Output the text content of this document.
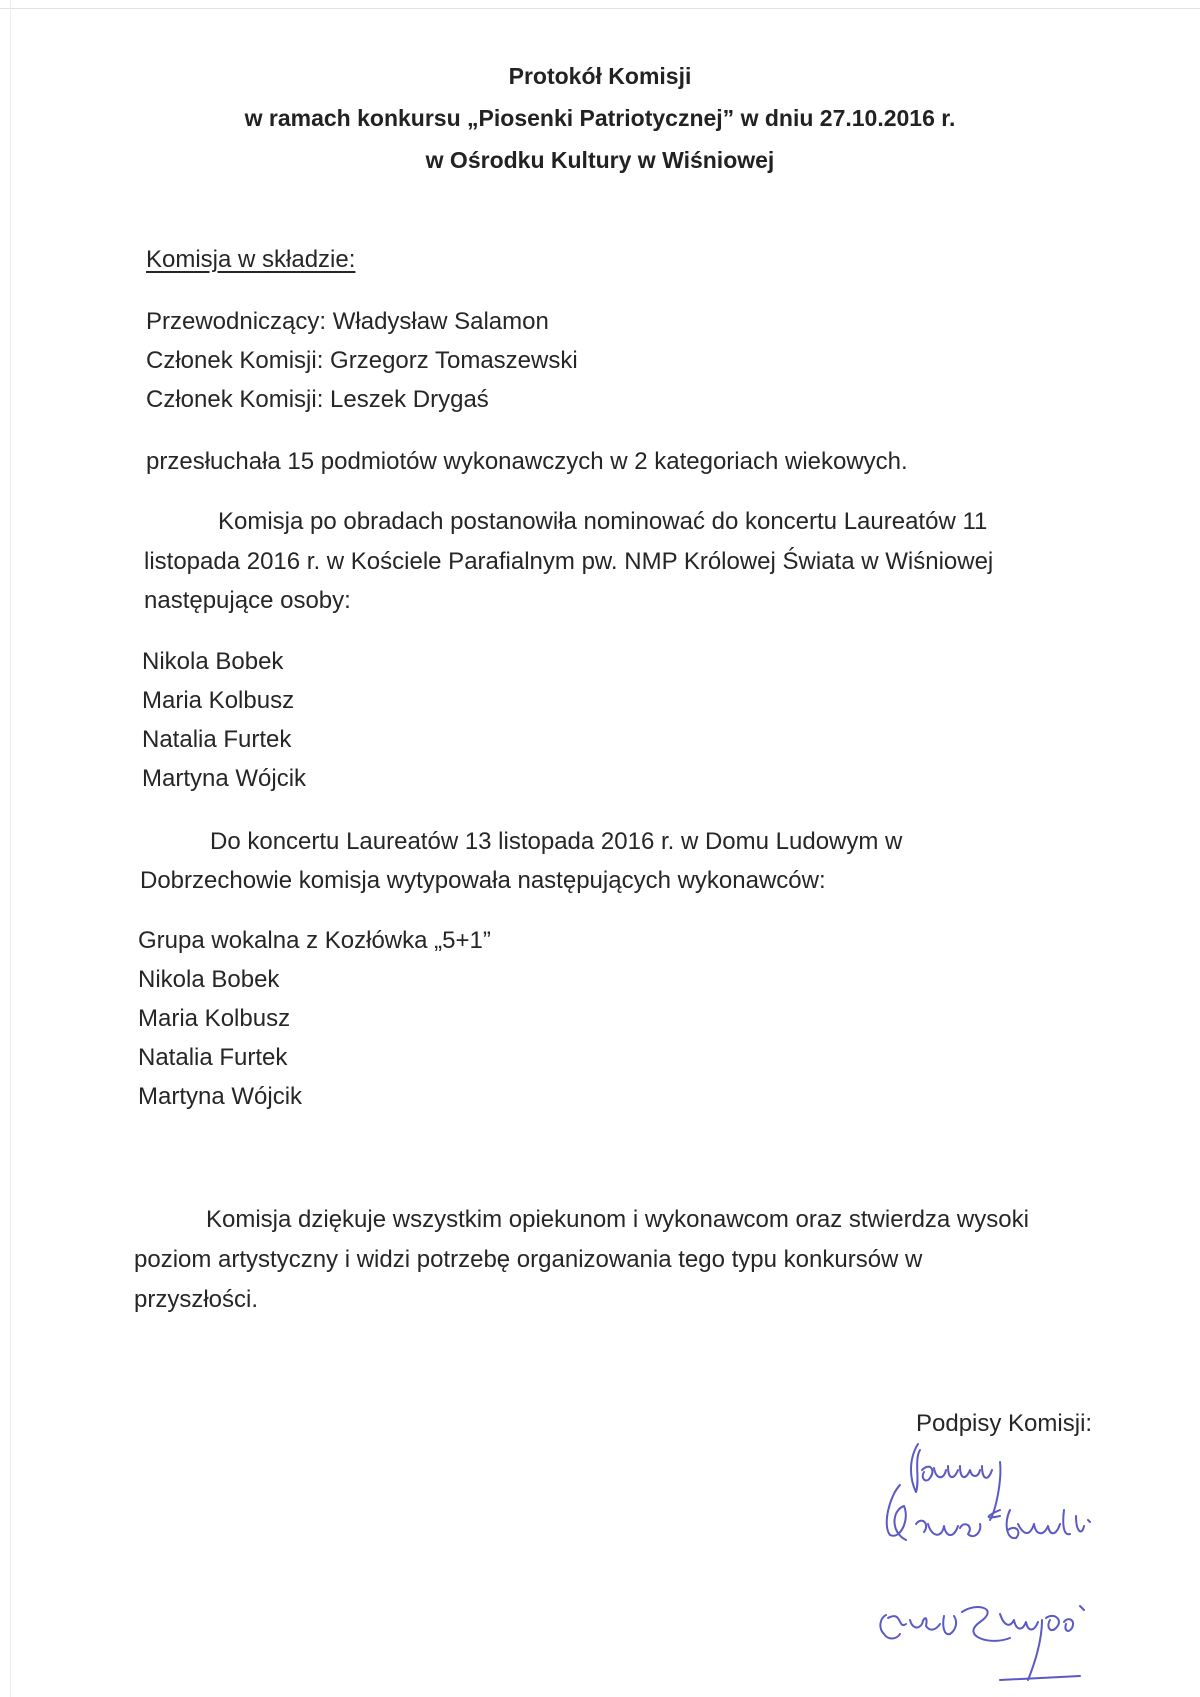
Protokół Komisji
w ramach konkursu „Piosenki Patriotycznej” w dniu 27.10.2016 r.
w Ośrodku Kultury w Wiśniowej
Komisja w składzie:
Przewodniczący: Władysław Salamon
Członek Komisji: Grzegorz Tomaszewski
Członek Komisji: Leszek Drygaś
przesłuchała 15 podmiotów wykonawczych w 2 kategoriach wiekowych.
Komisja po obradach postanowiła nominować do koncertu Laureatów 11
listopada 2016 r. w Kościele Parafialnym pw. NMP Królowej Świata w Wiśniowej
następujące osoby:
Nikola Bobek
Maria Kolbusz
Natalia Furtek
Martyna Wójcik
Do koncertu Laureatów 13 listopada 2016 r. w Domu Ludowym w
Dobrzechowie komisja wytypowała następujących wykonawców:
Grupa wokalna z Kozłówka „5+1”
Nikola Bobek
Maria Kolbusz
Natalia Furtek
Martyna Wójcik
Komisja dziękuje wszystkim opiekunom i wykonawcom oraz stwierdza wysoki
poziom artystyczny i widzi potrzebę organizowania tego typu konkursów w
przyszłości.
Podpisy Komisji:
